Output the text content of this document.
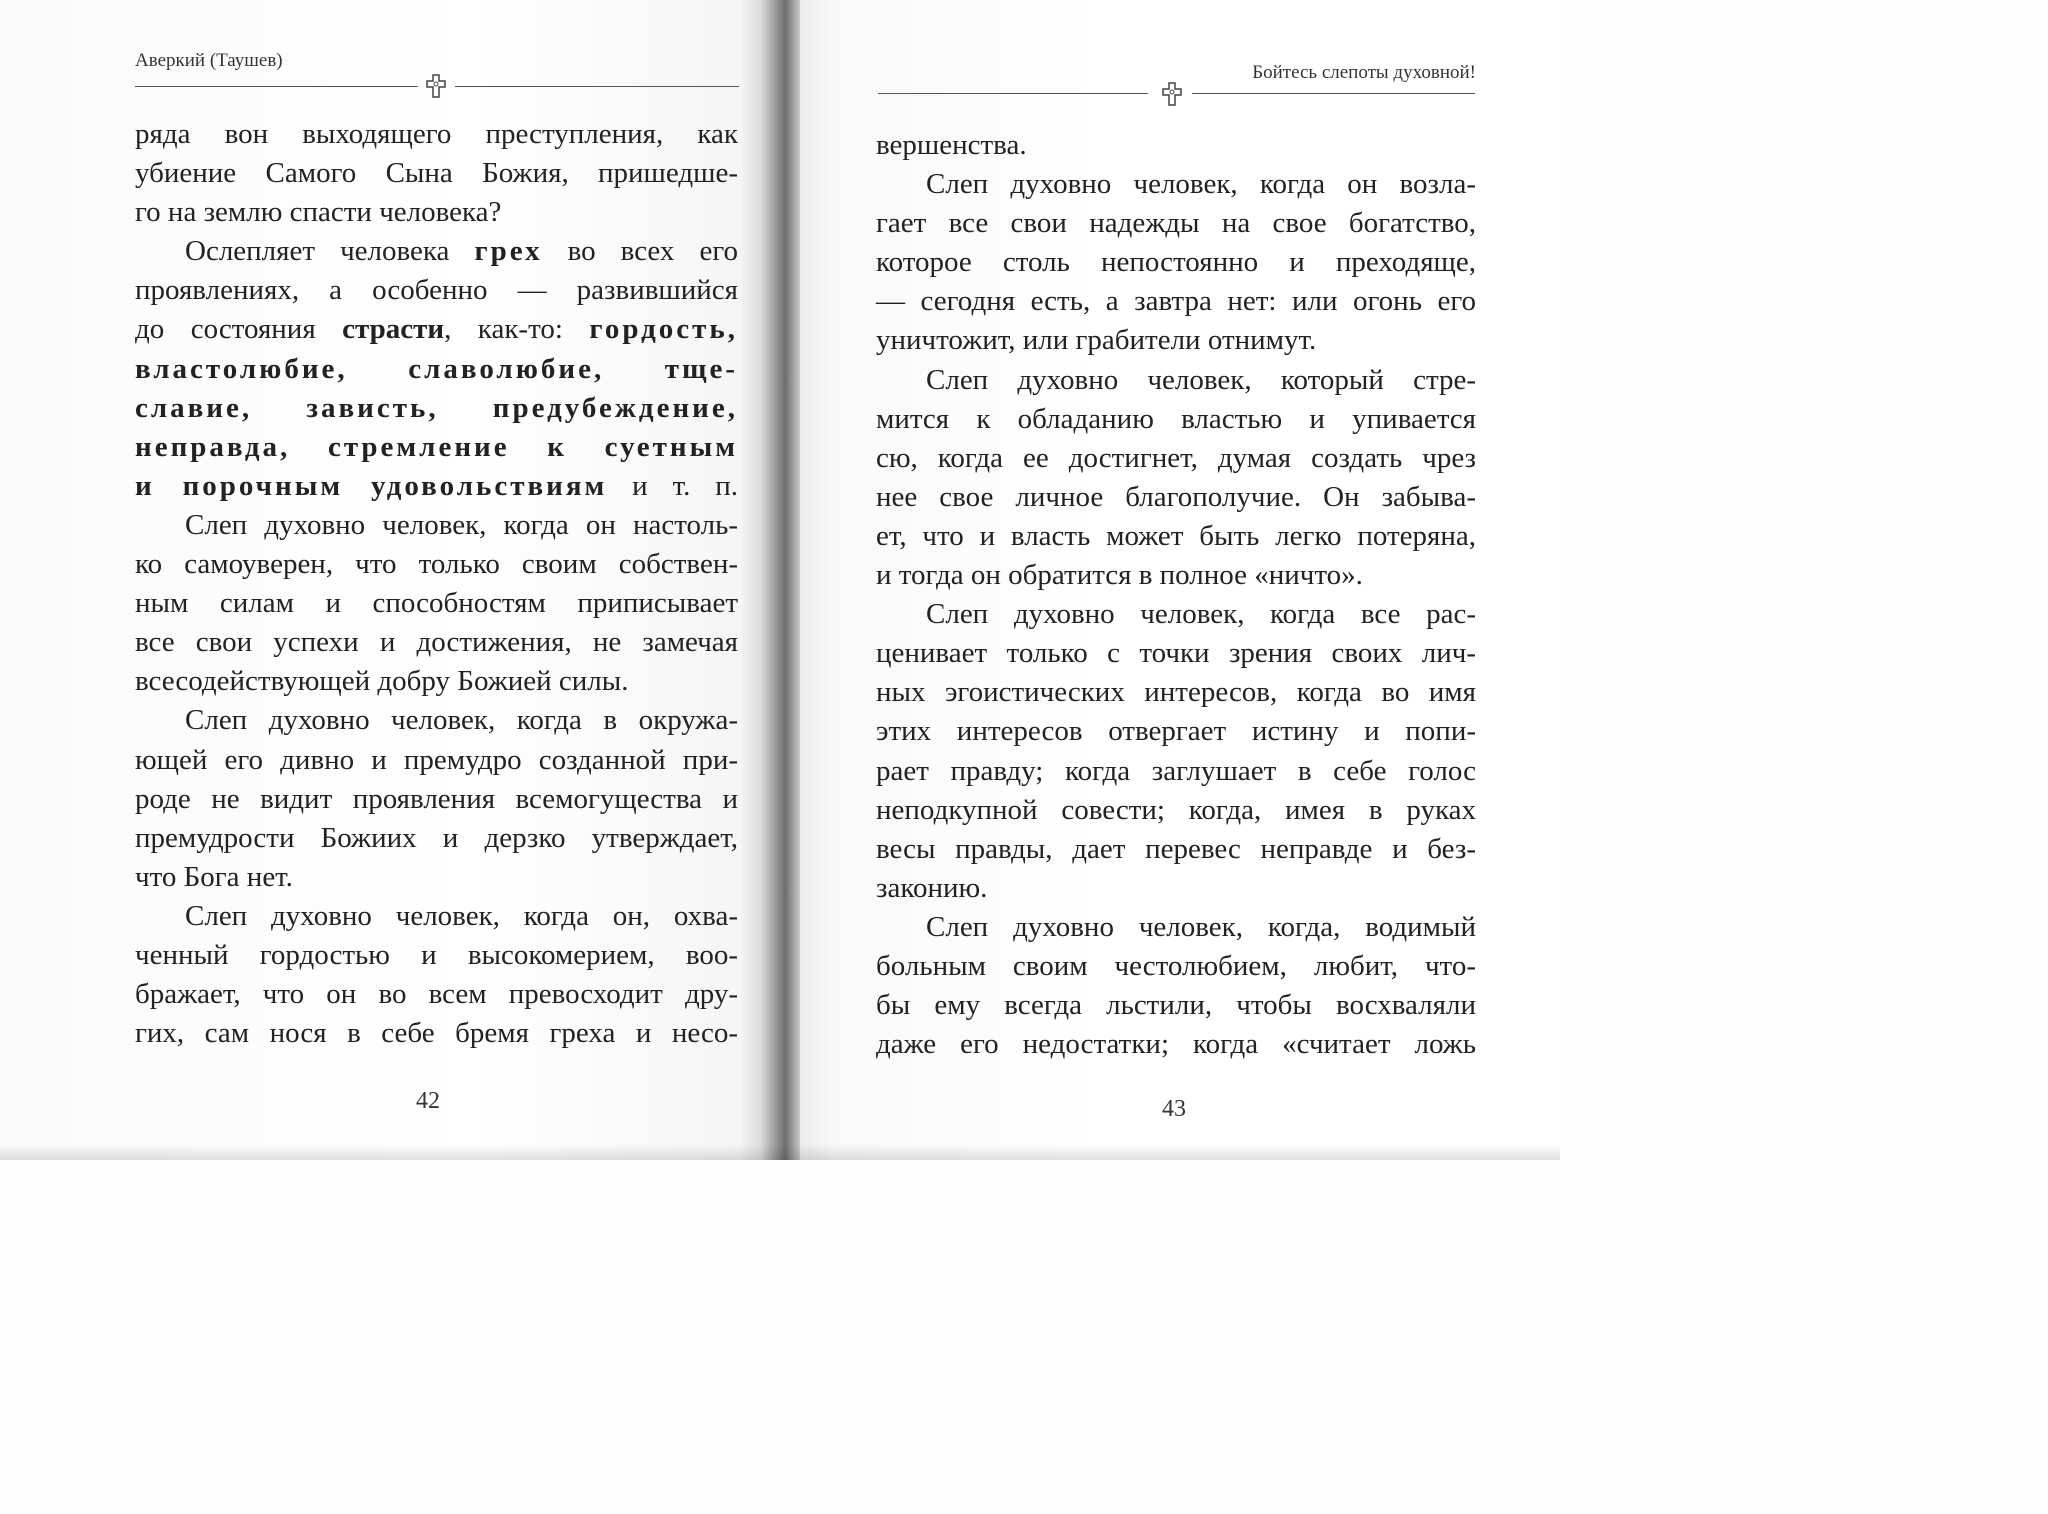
Аверкий (Таушев)
ряда вон выходящего преступления, как
убиение Самого Сына Божия, пришедше-
го на землю спасти человека?
Ослепляет человека грех во всех его
проявлениях, а особенно — развившийся
до состояния страсти, как-то: гордость,
властолюбие, славолюбие, тще-
славие, зависть, предубеждение,
неправда, стремление к суетным
и порочным удовольствиям и т. п.
Слеп духовно человек, когда он настоль-
ко самоуверен, что только своим собствен-
ным силам и способностям приписывает
все свои успехи и достижения, не замечая
всесодействующей добру Божией силы.
Слеп духовно человек, когда в окружа-
ющей его дивно и премудро созданной при-
роде не видит проявления всемогущества и
премудрости Божиих и дерзко утверждает,
что Бога нет.
Слеп духовно человек, когда он, охва-
ченный гордостью и высокомерием, воо-
бражает, что он во всем превосходит дру-
гих, сам нося в себе бремя греха и несо-
42
Бойтесь слепоты духовной!
вершенства.
Слеп духовно человек, когда он возла-
гает все свои надежды на свое богатство,
которое столь непостоянно и преходяще,
— сегодня есть, а завтра нет: или огонь его
уничтожит, или грабители отнимут.
Слеп духовно человек, который стре-
мится к обладанию властью и упивается
сю, когда ее достигнет, думая создать чрез
нее свое личное благополучие. Он забыва-
ет, что и власть может быть легко потеряна,
и тогда он обратится в полное «ничто».
Слеп духовно человек, когда все рас-
ценивает только с точки зрения своих лич-
ных эгоистических интересов, когда во имя
этих интересов отвергает истину и попи-
рает правду; когда заглушает в себе голос
неподкупной совести; когда, имея в руках
весы правды, дает перевес неправде и без-
законию.
Слеп духовно человек, когда, водимый
больным своим честолюбием, любит, что-
бы ему всегда льстили, чтобы восхваляли
даже его недостатки; когда «считает ложь
43
